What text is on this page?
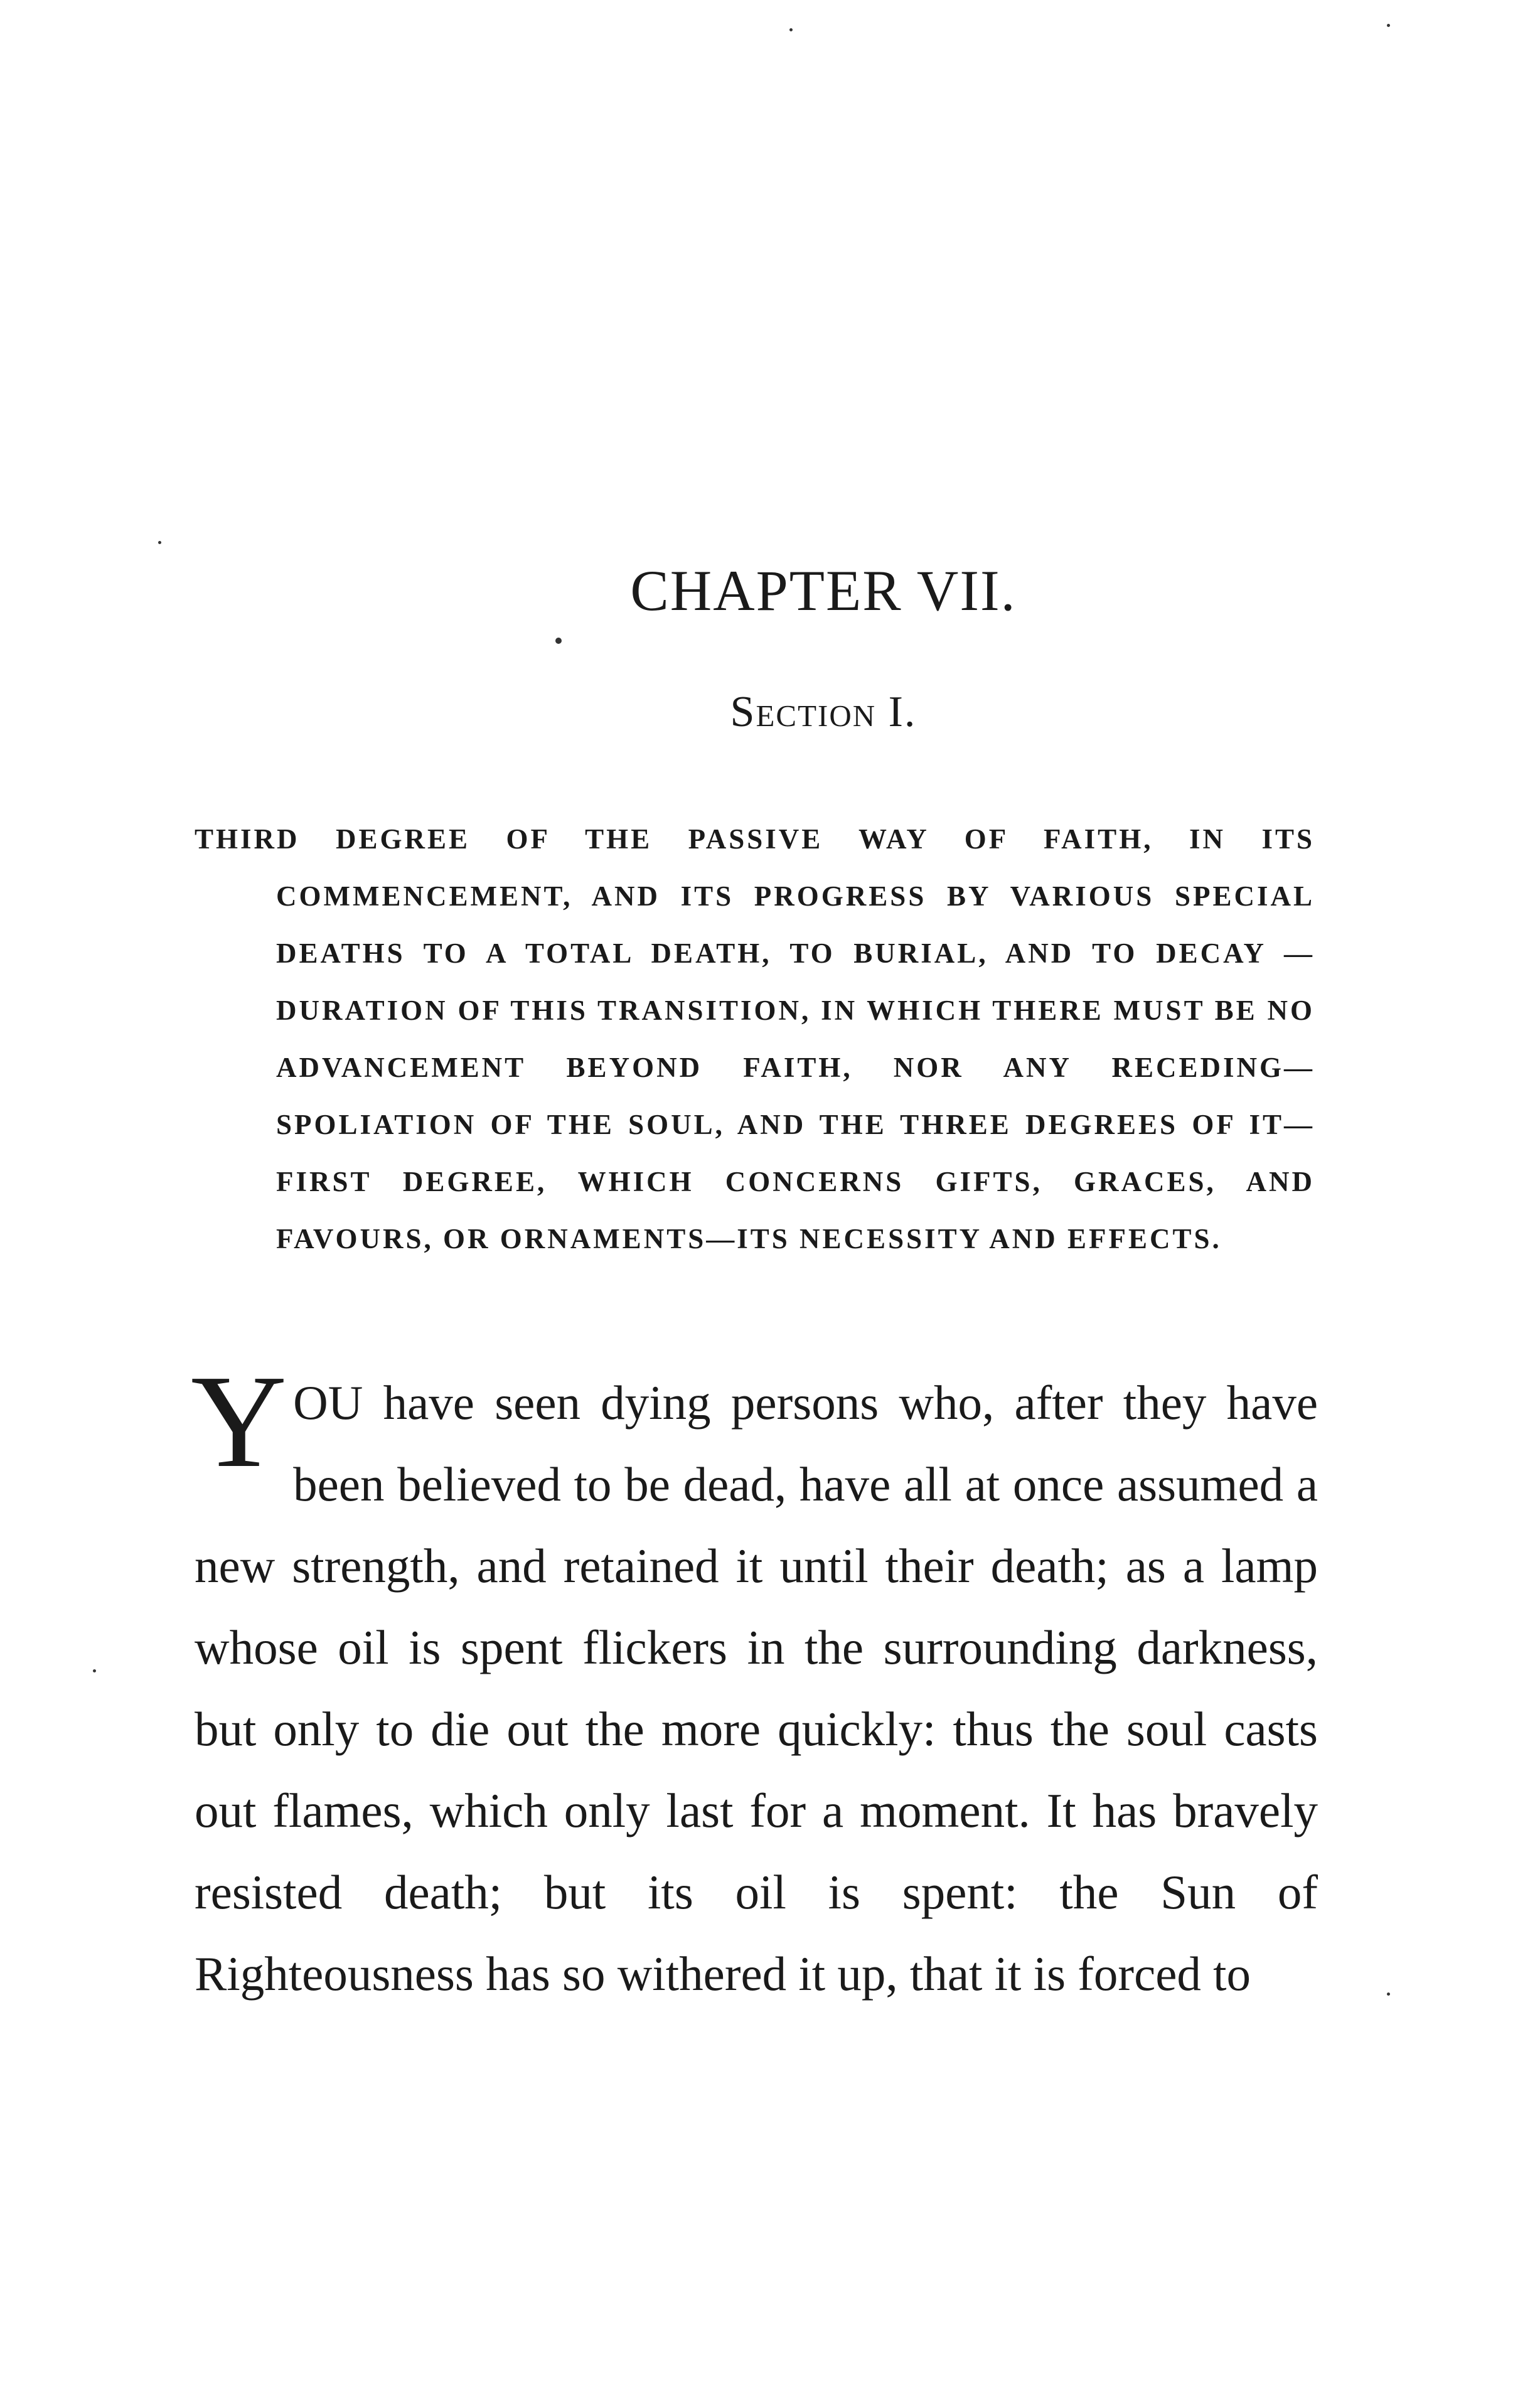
CHAPTER VII.
Section I.
THIRD DEGREE OF THE PASSIVE WAY OF FAITH, IN ITS COMMENCEMENT, AND ITS PROGRESS BY VARIOUS SPECIAL DEATHS TO A TOTAL DEATH, TO BURIAL, AND TO DECAY —DURATION OF THIS TRANSITION, IN WHICH THERE MUST BE NO ADVANCEMENT BEYOND FAITH, NOR ANY RECEDING—SPOLIATION OF THE SOUL, AND THE THREE DEGREES OF IT—FIRST DEGREE, WHICH CONCERNS GIFTS, GRACES, AND FAVOURS, OR ORNAMENTS—ITS NECESSITY AND EFFECTS.
YOU have seen dying persons who, after they have been believed to be dead, have all at once assumed a new strength, and retained it until their death; as a lamp whose oil is spent flickers in the surrounding darkness, but only to die out the more quickly: thus the soul casts out flames, which only last for a moment. It has bravely resisted death; but its oil is spent: the Sun of Righteousness has so withered it up, that it is forced to
